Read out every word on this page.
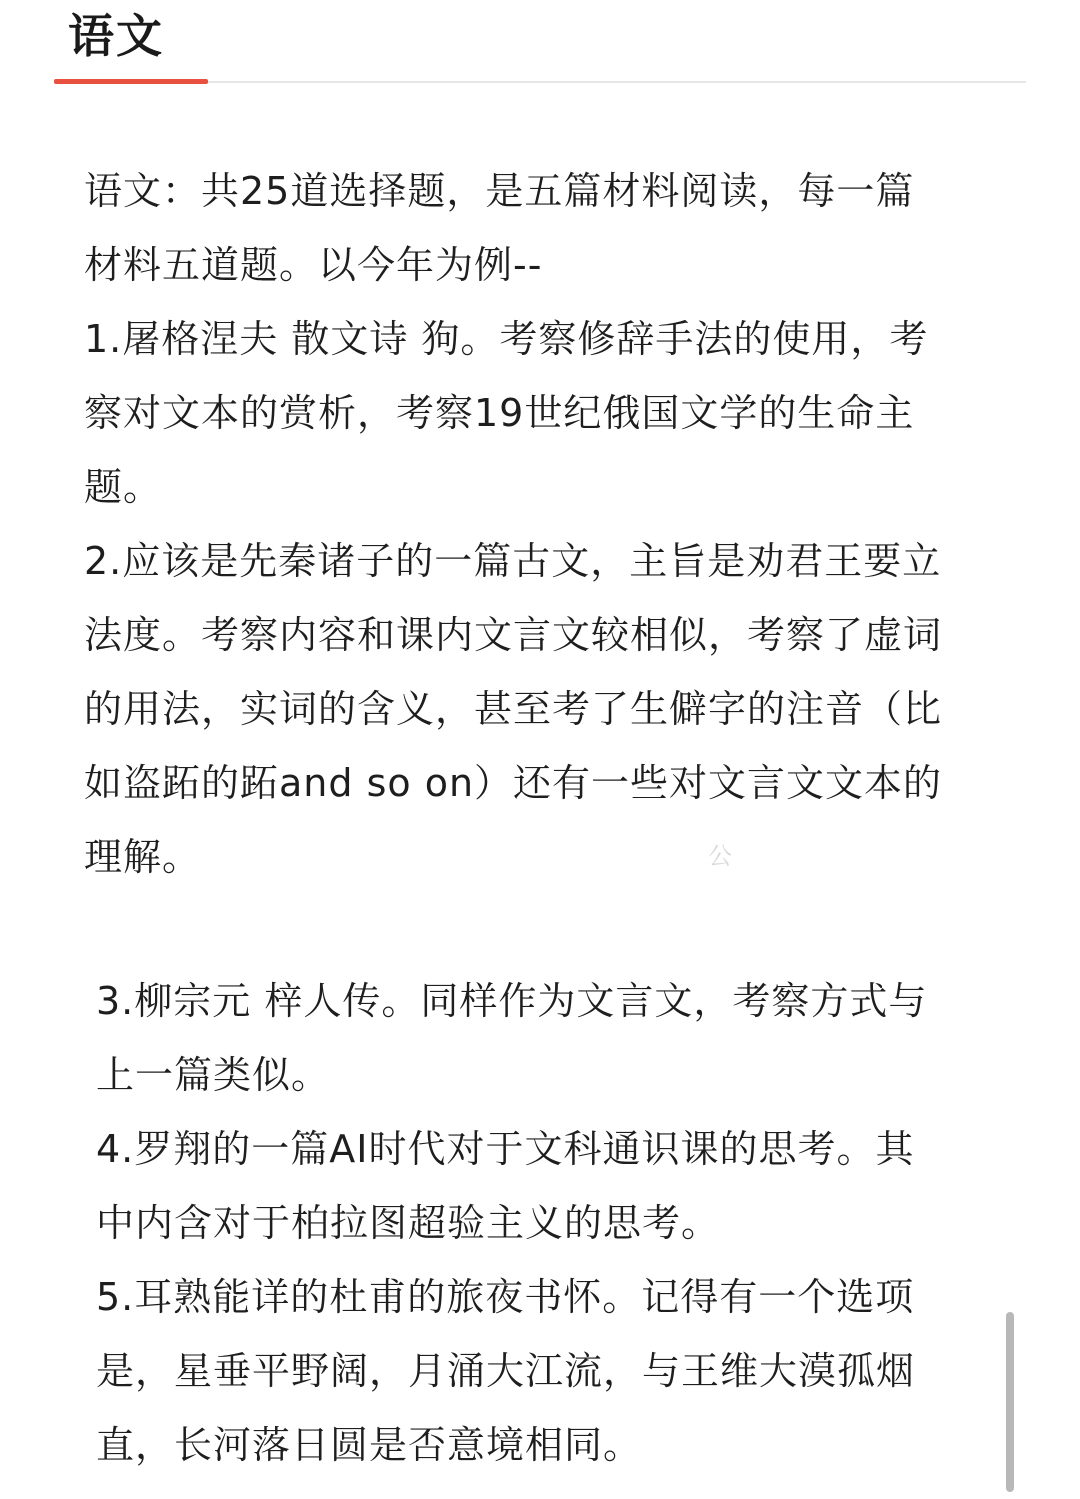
语文
语文：共25道选择题，是五篇材料阅读，每一篇材料五道题。以今年为例--
1.屠格涅夫 散文诗 狗。考察修辞手法的使用，考察对文本的赏析，考察19世纪俄国文学的生命主题。
2.应该是先秦诸子的一篇古文，主旨是劝君王要立法度。考察内容和课内文言文较相似，考察了虚词的用法，实词的含义，甚至考了生僻字的注音（比如盗跖的跖and so on）还有一些对文言文文本的理解。	公
3.柳宗元 梓人传。同样作为文言文，考察方式与上一篇类似。
4.罗翔的一篇AI时代对于文科通识课的思考。其中内含对于柏拉图超验主义的思考。
5.耳熟能详的杜甫的旅夜书怀。记得有一个选项是，星垂平野阔，月涌大江流，与王维大漠孤烟直，长河落日圆是否意境相同。
